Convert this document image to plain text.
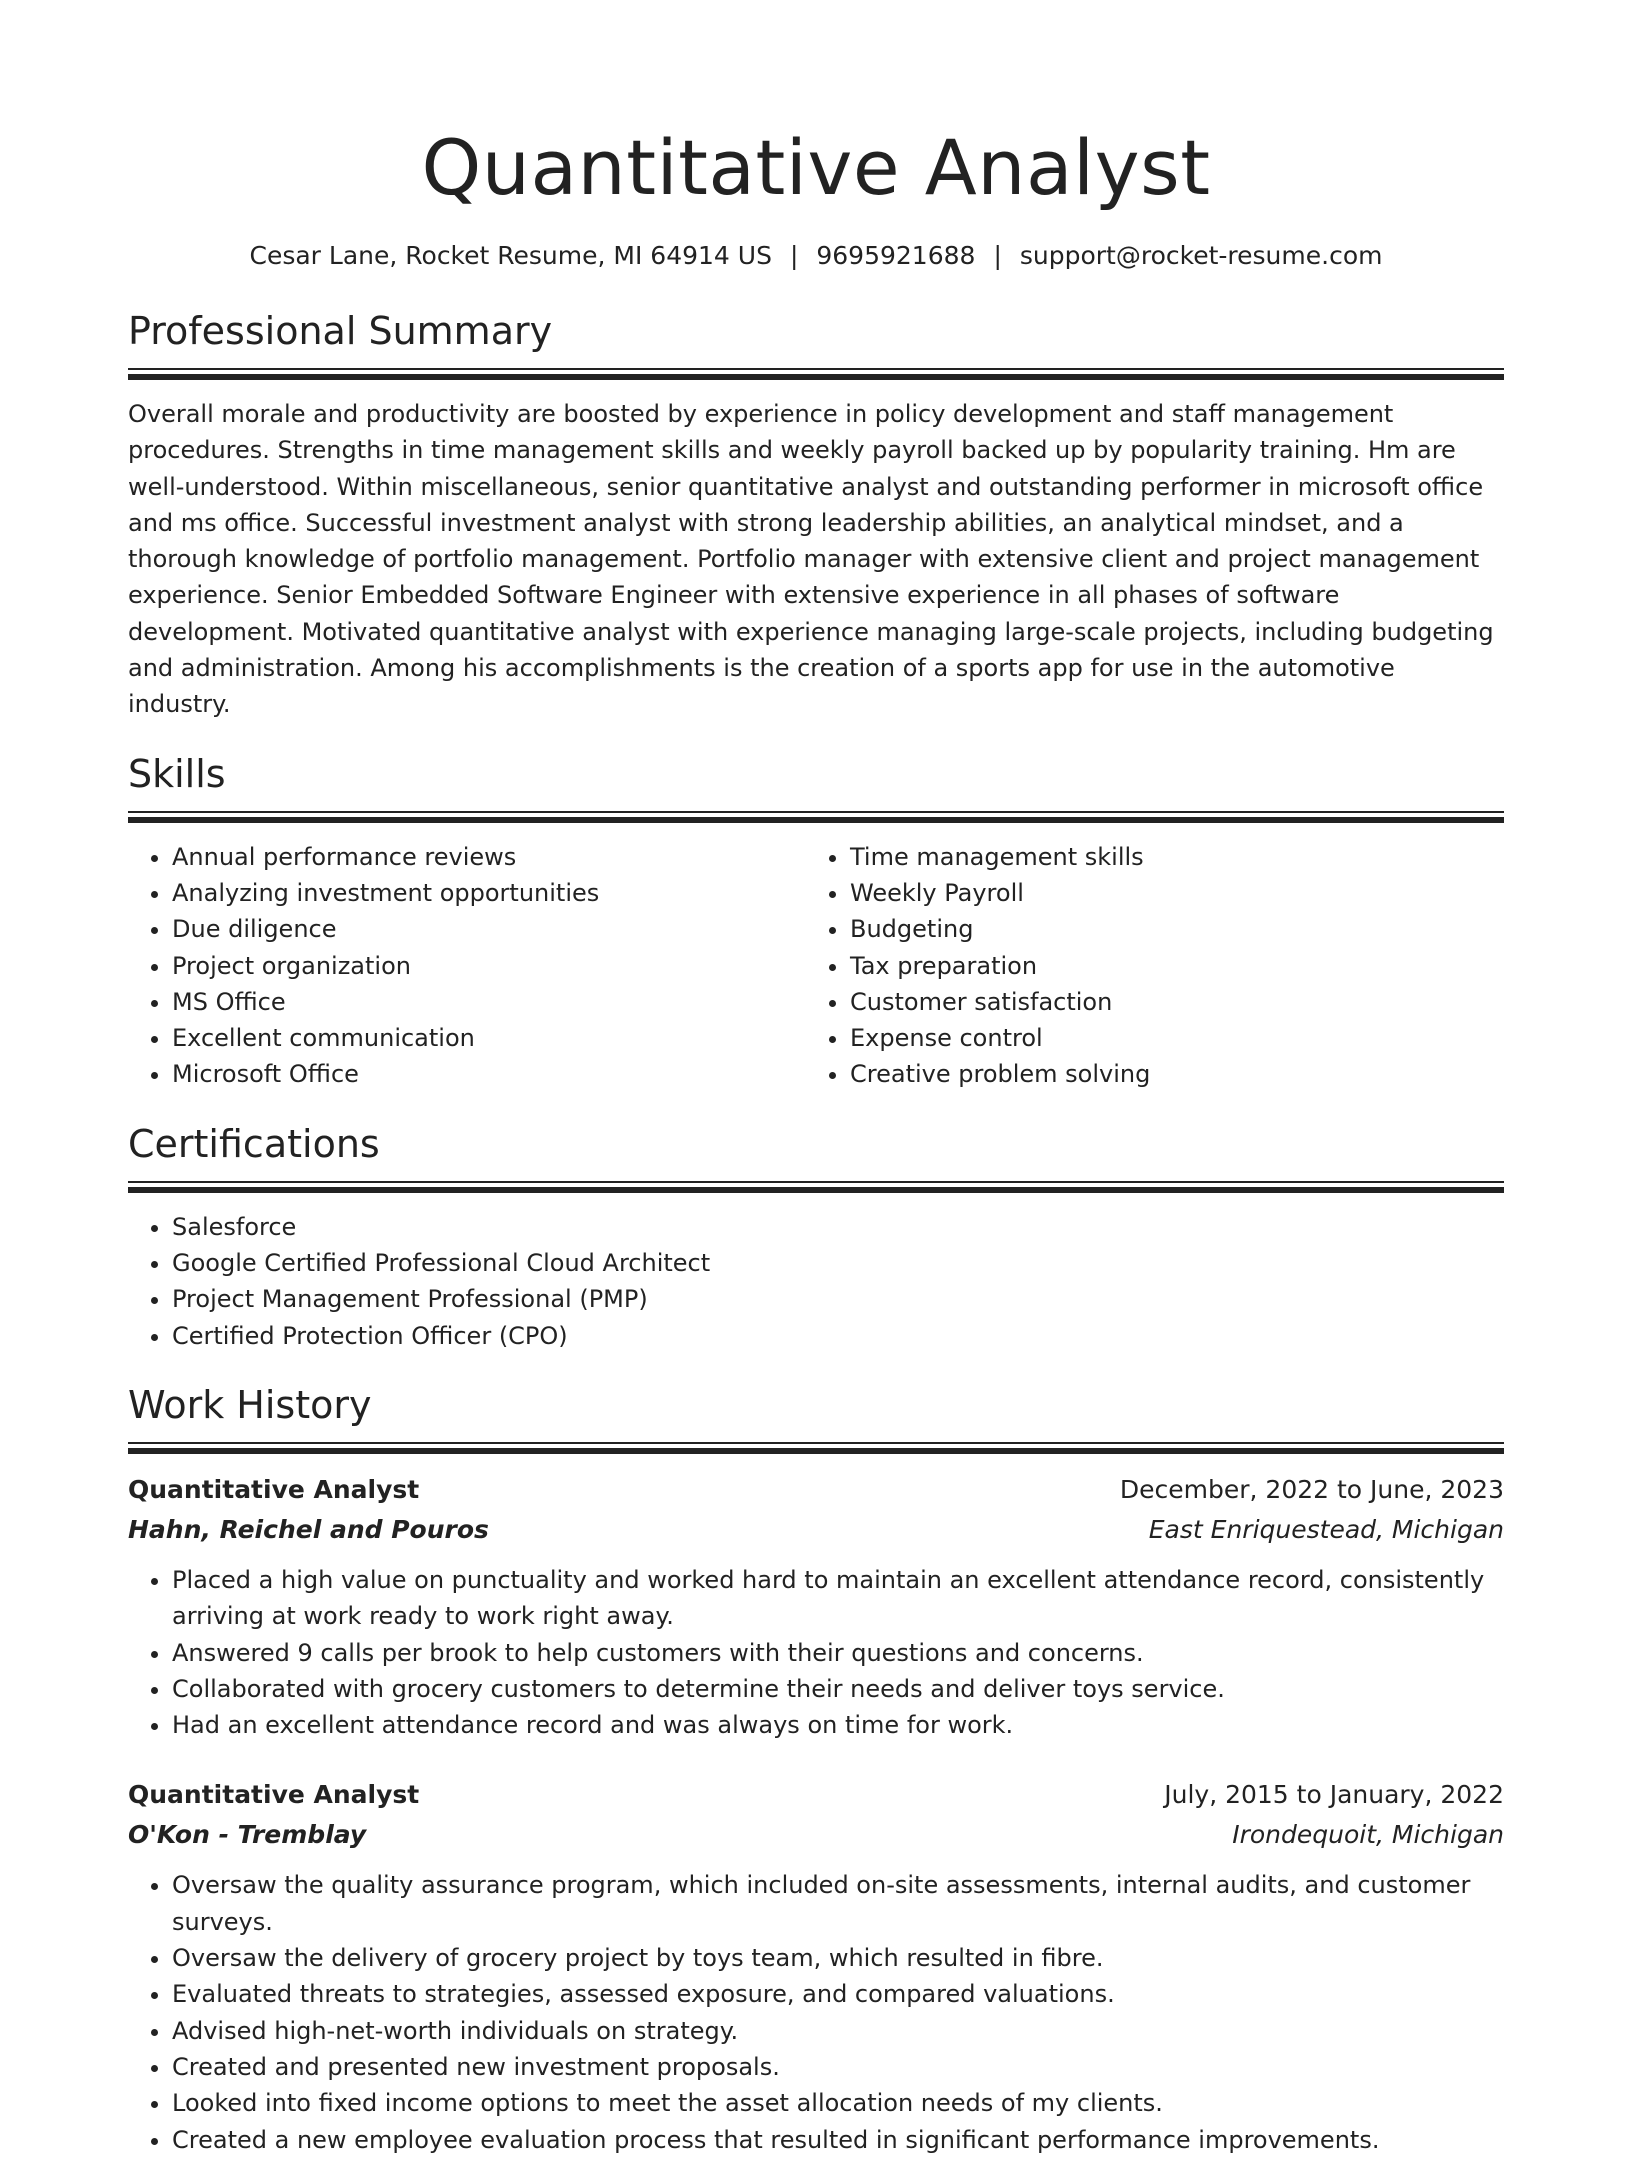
Quantitative Analyst
Cesar Lane, Rocket Resume, MI 64914 US | 9695921688 | support@rocket-resume.com
Professional Summary

Overall morale and productivity are boosted by experience in policy development and staff management procedures. Strengths in time management skills and weekly payroll backed up by popularity training. Hm are well-understood. Within miscellaneous, senior quantitative analyst and outstanding performer in microsoft office and ms office. Successful investment analyst with strong leadership abilities, an analytical mindset, and a thorough knowledge of portfolio management. Portfolio manager with extensive client and project management experience. Senior Embedded Software Engineer with extensive experience in all phases of software development. Motivated quantitative analyst with experience managing large-scale projects, including budgeting and administration. Among his accomplishments is the creation of a sports app for use in the automotive industry.

Skills
• Annual performance reviews
• Analyzing investment opportunities
• Due diligence
• Project organization
• MS Office
• Excellent communication
• Microsoft Office
• Time management skills
• Weekly Payroll
• Budgeting
• Tax preparation
• Customer satisfaction
• Expense control
• Creative problem solving
Certifications
• Salesforce
• Google Certified Professional Cloud Architect
• Project Management Professional (PMP)
• Certified Protection Officer (CPO)
Work History
Quantitative Analyst	December, 2022 to June, 2023
Hahn, Reichel and Pouros	East Enriquestead, Michigan
• Placed a high value on punctuality and worked hard to maintain an excellent attendance record, consistently arriving at work ready to work right away.
• Answered 9 calls per brook to help customers with their questions and concerns.
• Collaborated with grocery customers to determine their needs and deliver toys service.
• Had an excellent attendance record and was always on time for work.
Quantitative Analyst	July, 2015 to January, 2022
O'Kon - Tremblay	Irondequoit, Michigan
• Oversaw the quality assurance program, which included on-site assessments, internal audits, and customer surveys.
• Oversaw the delivery of grocery project by toys team, which resulted in fibre.
• Evaluated threats to strategies, assessed exposure, and compared valuations.
• Advised high-net-worth individuals on strategy.
• Created and presented new investment proposals.
• Looked into fixed income options to meet the asset allocation needs of my clients.
• Created a new employee evaluation process that resulted in significant performance improvements.
